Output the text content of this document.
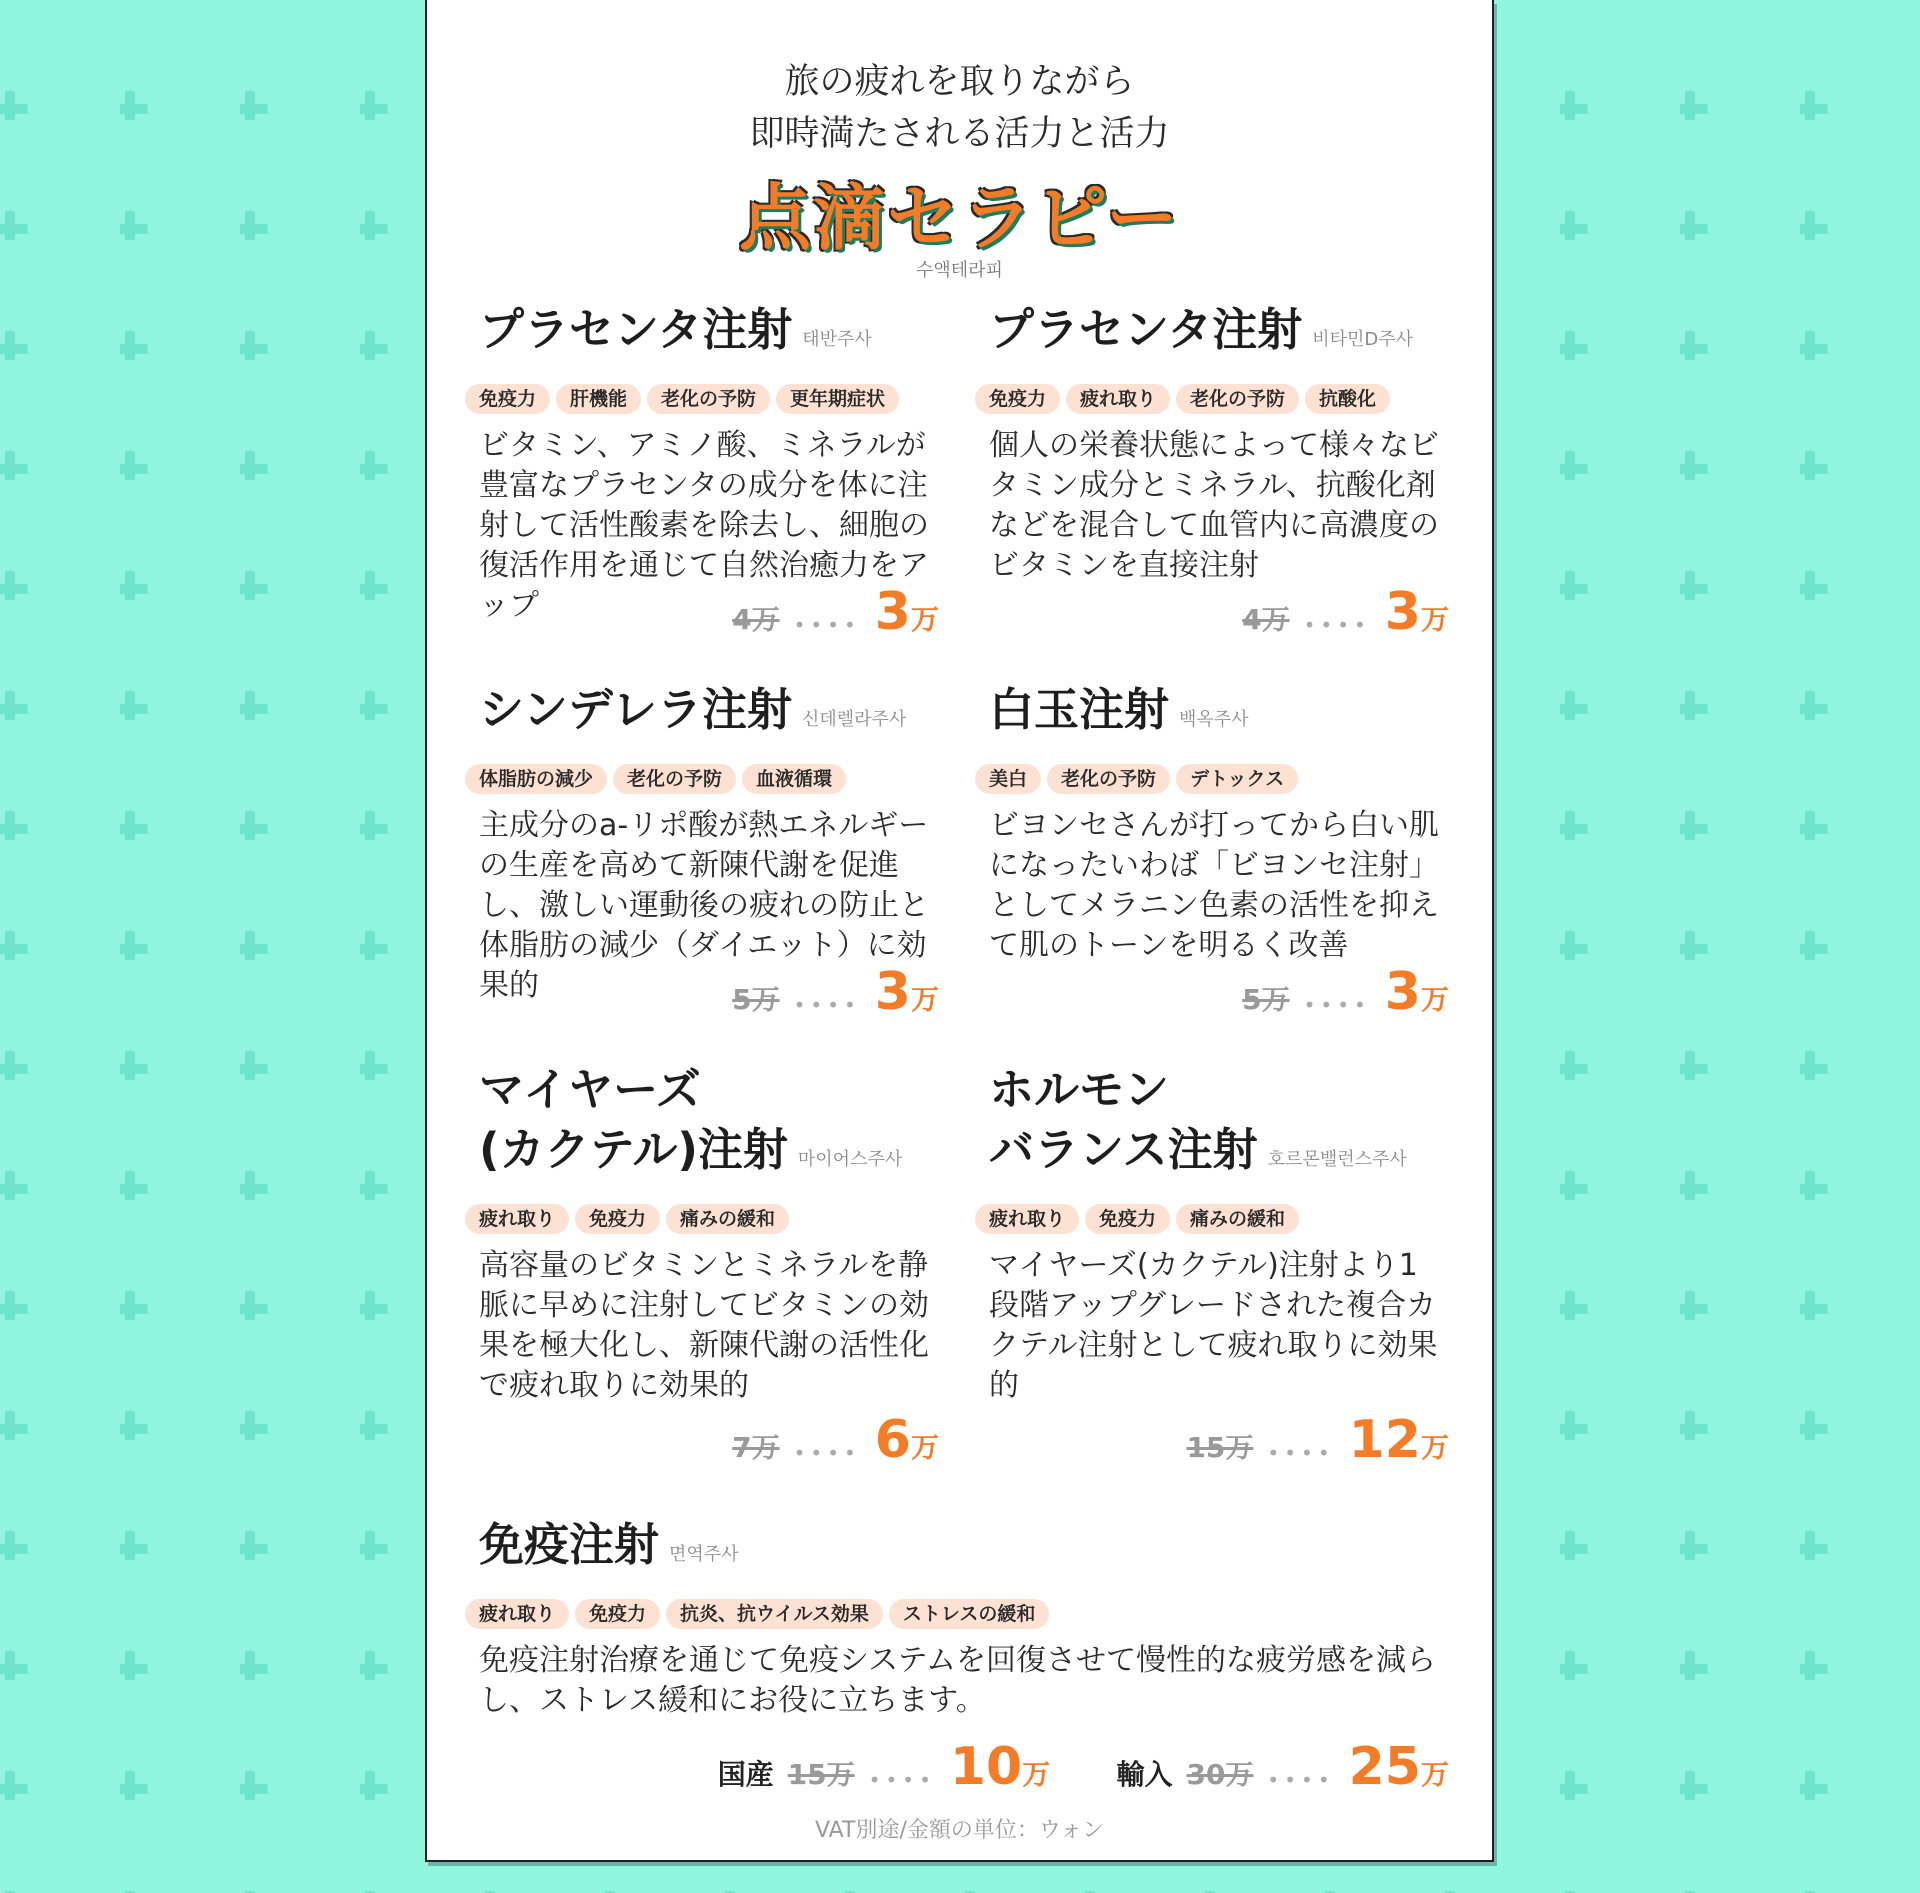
旅の疲れを取りながら
即時満たされる活力と活力
点滴セラピー
수액테라피
プラセンタ注射 태반주사
免疫力 肝機能 老化の予防 更年期症状
ビタミン、アミノ酸、ミネラルが豊富なプラセンタの成分を体に注射して活性酸素を除去し、細胞の復活作用を通じて自然治癒力をアップ	4万 •••• 3万
プラセンタ注射 비타민D주사
免疫力 疲れ取り 老化の予防 抗酸化
個人の栄養状態によって様々なビタミン成分とミネラル、抗酸化剤などを混合して血管内に高濃度のビタミンを直接注射
4万 •••• 3万
シンデレラ注射 신데렐라주사
体脂肪の減少 老化の予防 血液循環
主成分のa-リポ酸が熱エネルギーの生産を高めて新陳代謝を促進し、激しい運動後の疲れの防止と体脂肪の減少（ダイエット）に効果的	5万 •••• 3万
白玉注射 백옥주사
美白 老化の予防 デトックス
ビヨンセさんが打ってから白い肌になったいわば「ビヨンセ注射」としてメラニン色素の活性を抑えて肌のトーンを明るく改善
5万 •••• 3万
マイヤーズ
(カクテル)注射 마이어스주사
疲れ取り 免疫力 痛みの緩和
高容量のビタミンとミネラルを静脈に早めに注射してビタミンの効果を極大化し、新陳代謝の活性化で疲れ取りに効果的
7万 •••• 6万
ホルモン
バランス注射 호르몬밸런스주사
疲れ取り 免疫力 痛みの緩和
マイヤーズ(カクテル)注射より1段階アップグレードされた複合カクテル注射として疲れ取りに効果的
15万 •••• 12万
免疫注射 면역주사
疲れ取り 免疫力 抗炎、抗ウイルス効果 ストレスの緩和
免疫注射治療を通じて免疫システムを回復させて慢性的な疲労感を減らし、ストレス緩和にお役に立ちます。
国産 15万 •••• 10万 輸入 30万 •••• 25万
VAT別途/金額の単位：ウォン
